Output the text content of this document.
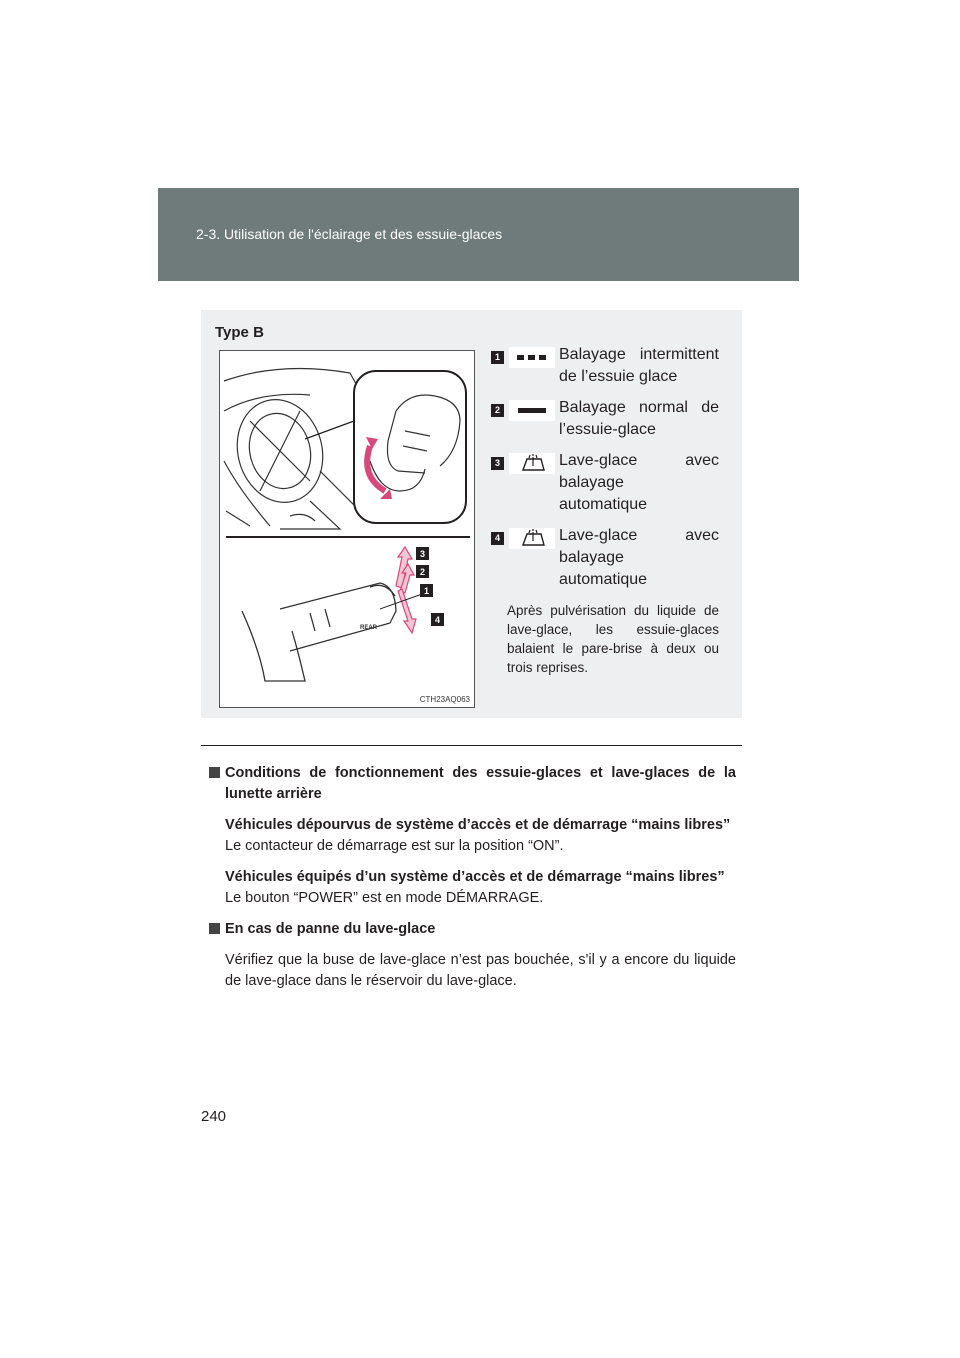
2-3. Utilisation de l'éclairage et des essuie-glaces
Type B
REAR
3
2
1
4
CTH23AQ063
1	Balayage intermittent
de l’essuie glace
2	Balayage normal de
l’essuie-glace
3	Lave-glace avec
balayage
automatique
4	Lave-glace avec
balayage
automatique
Après pulvérisation du liquide de lave-glace, les essuie-glaces balaient le pare-brise à deux ou trois reprises.
Conditions de fonctionnement des essuie-glaces et lave-glaces de la lunette arrière
Véhicules dépourvus de système d’accès et de démarrage “mains libres”
Le contacteur de démarrage est sur la position “ON”.
Véhicules équipés d’un système d’accès et de démarrage “mains libres”
Le bouton “POWER” est en mode DÉMARRAGE.
En cas de panne du lave-glace
Vérifiez que la buse de lave-glace n’est pas bouchée, s'il y a encore du liquide de lave-glace dans le réservoir du lave-glace.
240
